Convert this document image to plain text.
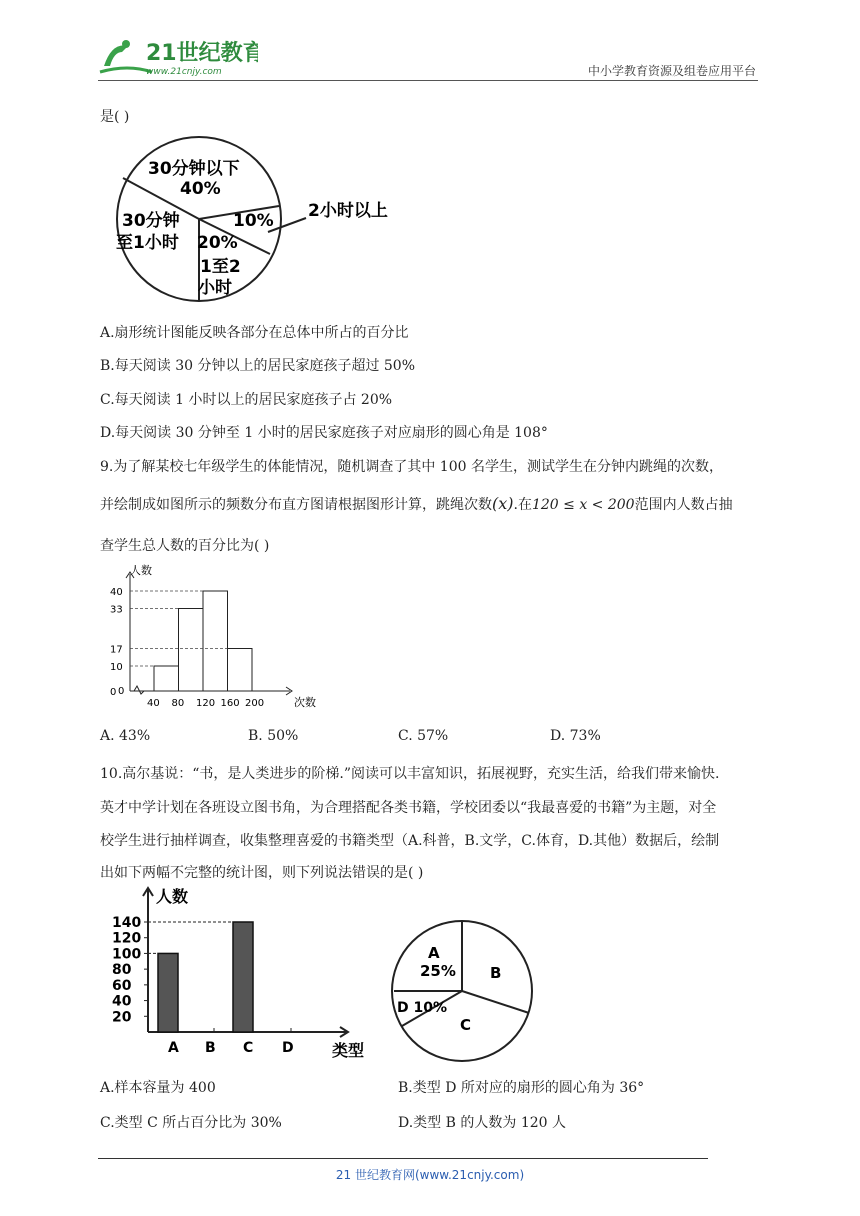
21世纪教育
www.21cnjy.com	中小学教育资源及组卷应用平台
是( )
30分钟以下
40%
30分钟
至1小时 20%
1至2
小时
10% 2小时以上
A.扇形统计图能反映各部分在总体中所占的百分比
B.每天阅读 30 分钟以上的居民家庭孩子超过 50%
C.每天阅读 1 小时以上的居民家庭孩子占 20%
D.每天阅读 30 分钟至 1 小时的居民家庭孩子对应扇形的圆心角是 108°
9.为了解某校七年级学生的体能情况，随机调查了其中 100 名学生，测试学生在分钟内跳绳的次数，
并绘制成如图所示的频数分布直方图请根据图形计算，跳绳次数(x).在120 ≤ x < 200范围内人数占抽
查学生总人数的百分比为( )
人数
次数
0
10
17
33
40
40 80 120 160 200
0
A. 43%	B. 50%	C. 57%	D. 73%
10.高尔基说：“书，是人类进步的阶梯.”阅读可以丰富知识，拓展视野，充实生活，给我们带来愉快.
英才中学计划在各班设立图书角，为合理搭配各类书籍，学校团委以“我最喜爱的书籍”为主题，对全
校学生进行抽样调查，收集整理喜爱的书籍类型（A.科普，B.文学，C.体育，D.其他）数据后，绘制
出如下两幅不完整的统计图，则下列说法错误的是( )
人数
类型
20
40
60
80
100
120
140
A B C D
A
25% B
C
D 10%
A.样本容量为 400	B.类型 D 所对应的扇形的圆心角为 36°
C.类型 C 所占百分比为 30%	D.类型 B 的人数为 120 人
21 世纪教育网(www.21cnjy.com)
